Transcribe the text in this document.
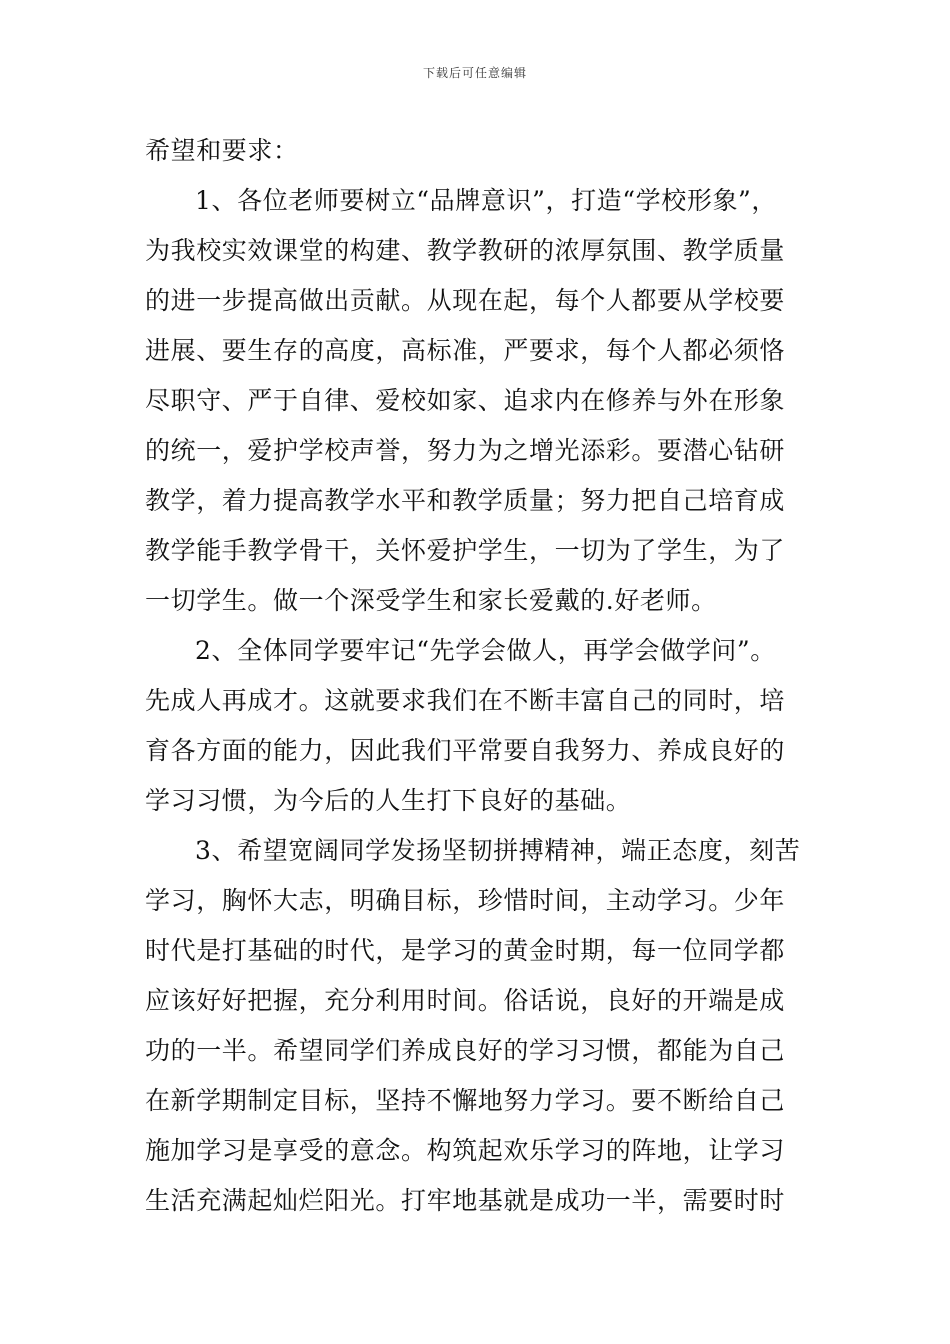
下载后可任意编辑
希望和要求：
1、各位老师要树立“品牌意识”，打造“学校形象”，
为我校实效课堂的构建、教学教研的浓厚氛围、教学质量
的进一步提高做出贡献。从现在起，每个人都要从学校要
进展、要生存的高度，高标准，严要求，每个人都必须恪
尽职守、严于自律、爱校如家、追求内在修养与外在形象
的统一，爱护学校声誉，努力为之增光添彩。要潜心钻研
教学，着力提高教学水平和教学质量；努力把自己培育成
教学能手教学骨干，关怀爱护学生，一切为了学生，为了
一切学生。做一个深受学生和家长爱戴的.好老师。
2、全体同学要牢记“先学会做人，再学会做学问”。
先成人再成才。这就要求我们在不断丰富自己的同时，培
育各方面的能力，因此我们平常要自我努力、养成良好的
学习习惯，为今后的人生打下良好的基础。
3、希望宽阔同学发扬坚韧拼搏精神，端正态度，刻苦
学习，胸怀大志，明确目标，珍惜时间，主动学习。少年
时代是打基础的时代，是学习的黄金时期，每一位同学都
应该好好把握，充分利用时间。俗话说，良好的开端是成
功的一半。希望同学们养成良好的学习习惯，都能为自己
在新学期制定目标，坚持不懈地努力学习。要不断给自己
施加学习是享受的意念。构筑起欢乐学习的阵地，让学习
生活充满起灿烂阳光。打牢地基就是成功一半，需要时时
